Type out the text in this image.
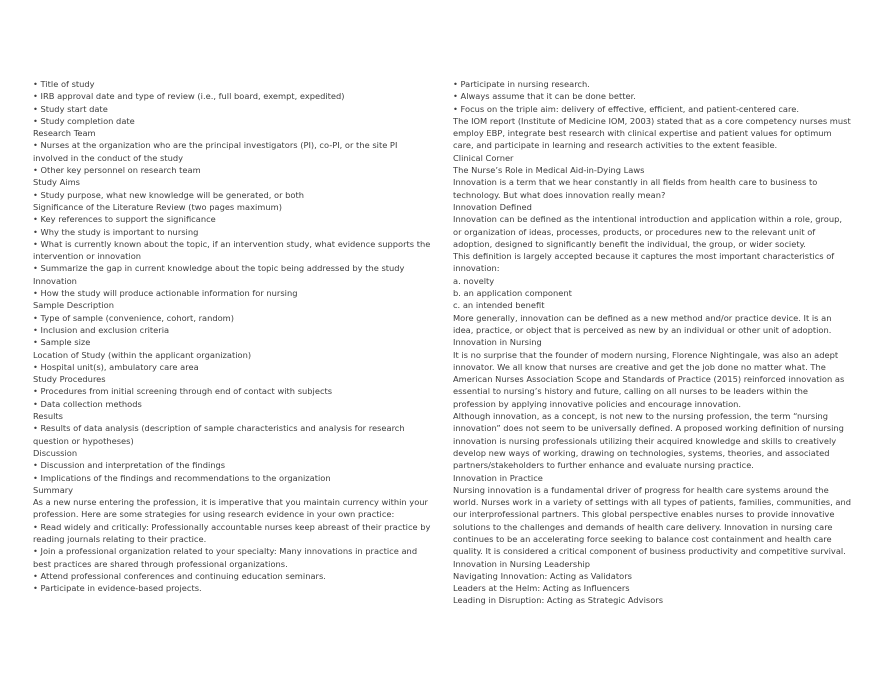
• Title of study

• IRB approval date and type of review (i.e., full board, exempt, expedited)

• Study start date

• Study completion date

Research Team

• Nurses at the organization who are the principal investigators (PI), co-PI, or the site PI involved in the conduct of the study

• Other key personnel on research team

Study Aims

• Study purpose, what new knowledge will be generated, or both

Significance of the Literature Review (two pages maximum)

• Key references to support the significance

• Why the study is important to nursing

• What is currently known about the topic, if an intervention study, what evidence supports the intervention or innovation

• Summarize the gap in current knowledge about the topic being addressed by the study

Innovation

• How the study will produce actionable information for nursing

Sample Description

• Type of sample (convenience, cohort, random)

• Inclusion and exclusion criteria

• Sample size

Location of Study (within the applicant organization)

• Hospital unit(s), ambulatory care area

Study Procedures

• Procedures from initial screening through end of contact with subjects

• Data collection methods

Results

• Results of data analysis (description of sample characteristics and analysis for research question or hypotheses)

Discussion

• Discussion and interpretation of the findings

• Implications of the findings and recommendations to the organization

Summary

As a new nurse entering the profession, it is imperative that you maintain currency within your profession. Here are some strategies for using research evidence in your own practice:

• Read widely and critically: Professionally accountable nurses keep abreast of their practice by reading journals relating to their practice.

• Join a professional organization related to your specialty: Many innovations in practice and best practices are shared through professional organizations.

• Attend professional conferences and continuing education seminars.

• Participate in evidence-based projects.

• Participate in nursing research.

• Always assume that it can be done better.

• Focus on the triple aim: delivery of effective, efficient, and patient-centered care.

The IOM report (Institute of Medicine IOM, 2003) stated that as a core competency nurses must employ EBP, integrate best research with clinical expertise and patient values for optimum care, and participate in learning and research activities to the extent feasible.

Clinical Corner

The Nurse’s Role in Medical Aid-in-Dying Laws

Innovation is a term that we hear constantly in all fields from health care to business to technology. But what does innovation really mean?

Innovation Defined

Innovation can be defined as the intentional introduction and application within a role, group, or organization of ideas, processes, products, or procedures new to the relevant unit of adoption, designed to significantly benefit the individual, the group, or wider society.

This definition is largely accepted because it captures the most important characteristics of innovation:

a. novelty

b. an application component

c. an intended benefit

More generally, innovation can be defined as a new method and/or practice device. It is an idea, practice, or object that is perceived as new by an individual or other unit of adoption.

Innovation in Nursing

It is no surprise that the founder of modern nursing, Florence Nightingale, was also an adept innovator. We all know that nurses are creative and get the job done no matter what. The American Nurses Association Scope and Standards of Practice (2015) reinforced innovation as essential to nursing’s history and future, calling on all nurses to be leaders within the profession by applying innovative policies and encourage innovation.

Although innovation, as a concept, is not new to the nursing profession, the term “nursing innovation” does not seem to be universally defined. A proposed working definition of nursing innovation is nursing professionals utilizing their acquired knowledge and skills to creatively develop new ways of working, drawing on technologies, systems, theories, and associated partners/stakeholders to further enhance and evaluate nursing practice.

Innovation in Practice

Nursing innovation is a fundamental driver of progress for health care systems around the world. Nurses work in a variety of settings with all types of patients, families, communities, and our interprofessional partners. This global perspective enables nurses to provide innovative solutions to the challenges and demands of health care delivery. Innovation in nursing care continues to be an accelerating force seeking to balance cost containment and health care quality. It is considered a critical component of business productivity and competitive survival.

Innovation in Nursing Leadership

Navigating Innovation: Acting as Validators

Leaders at the Helm: Acting as Influencers

Leading in Disruption: Acting as Strategic Advisors
